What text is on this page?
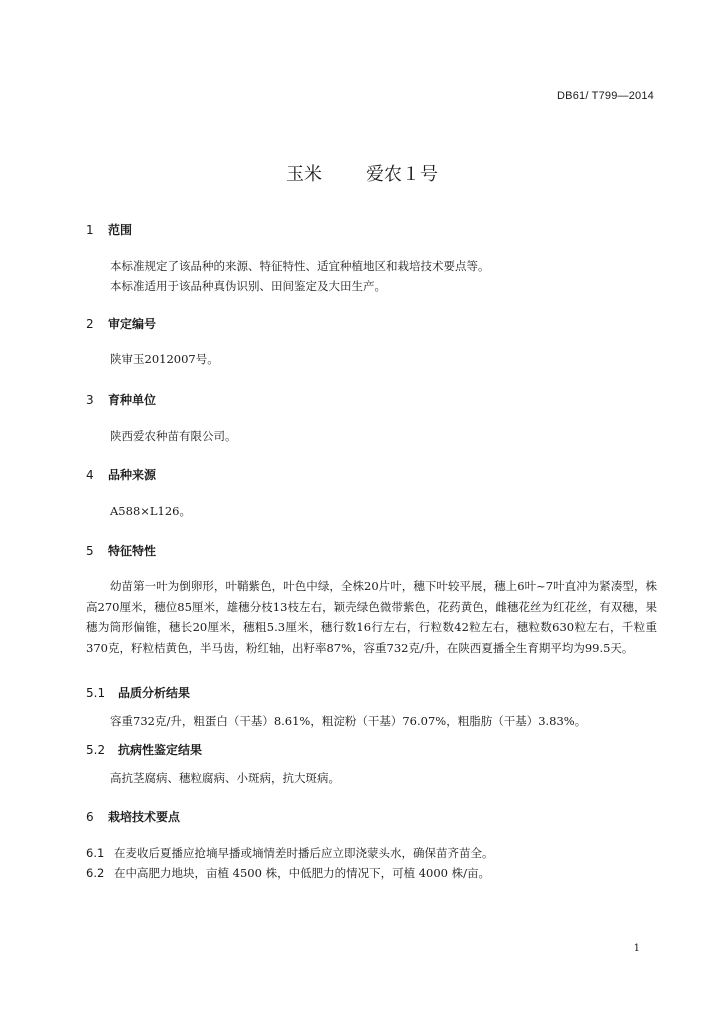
DB61/ T799—2014
玉米 爱农１号
1 范围
本标准规定了该品种的来源、特征特性、适宜种植地区和栽培技术要点等。
本标准适用于该品种真伪识别、田间鉴定及大田生产。
2 审定编号
陕审玉2012007号。
3 育种单位
陕西爱农种苗有限公司。
4 品种来源
A588×L126。
5 特征特性
幼苗第一叶为倒卵形，叶鞘紫色，叶色中绿，全株20片叶，穗下叶较平展，穗上6叶~7叶直冲为紧凑型，株高270厘米，穗位85厘米，雄穗分枝13枝左右，颖壳绿色微带紫色，花药黄色，雌穗花丝为红花丝，有双穗，果穗为筒形偏锥，穗长20厘米，穗粗5.3厘米，穗行数16行左右，行粒数42粒左右，穗粒数630粒左右，千粒重370克，籽粒桔黄色，半马齿，粉红轴，出籽率87%，容重732克/升，在陕西夏播全生育期平均为99.5天。
5.1 品质分析结果
容重732克/升，粗蛋白（干基）8.61%，粗淀粉（干基）76.07%，粗脂肪（干基）3.83%。
5.2 抗病性鉴定结果
高抗茎腐病、穗粒腐病、小斑病，抗大斑病。
6 栽培技术要点
6.1 在麦收后夏播应抢墒早播或墒情差时播后应立即浇蒙头水，确保苗齐苗全。
6.2 在中高肥力地块，亩植 4500 株，中低肥力的情况下，可植 4000 株/亩。
1
